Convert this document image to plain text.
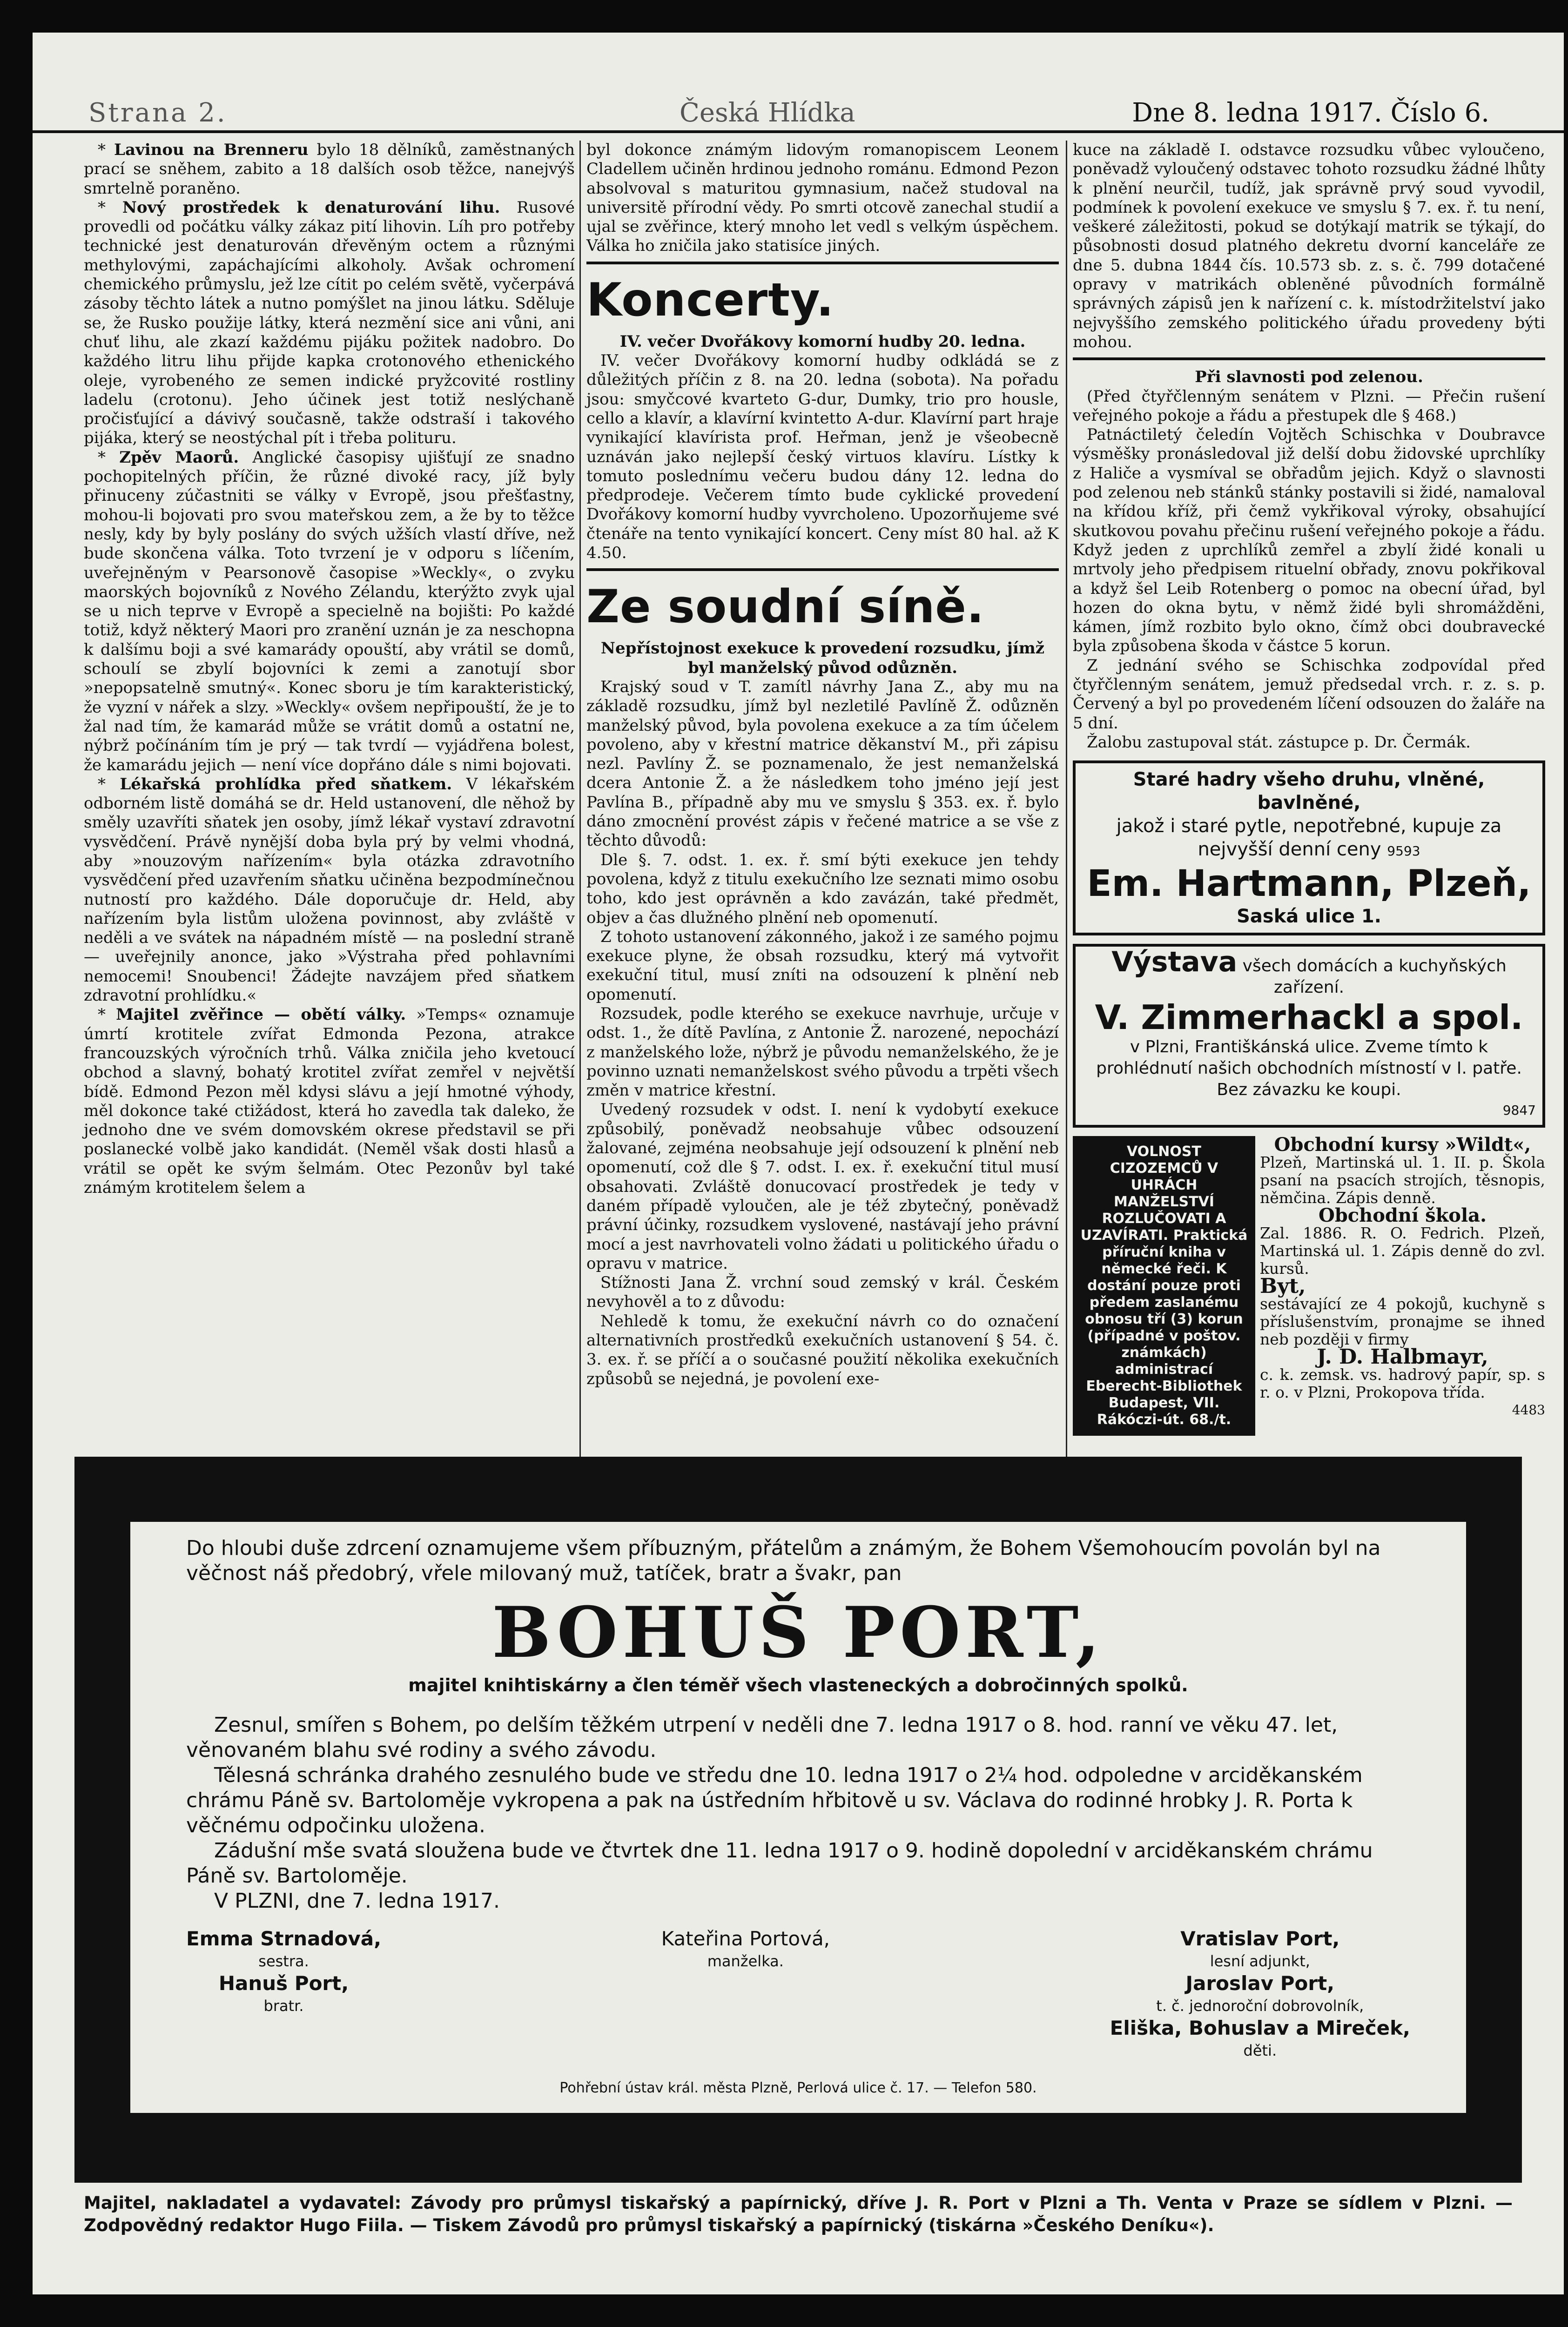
Strana 2.	Česká Hlídka	Dne 8. ledna 1917. Číslo 6.

* Lavinou na Brenneru bylo 18 dělníků, zaměstnaných prací se sněhem, zabito a 18 dalších osob těžce, nanejvýš smrtelně poraněno.

* Nový prostředek k denaturování lihu. Rusové provedli od počátku války zákaz pití lihovin. Líh pro potřeby technické jest denaturován dřevěným octem a různými methylovými, zapáchajícími alkoholy. Avšak ochromení chemického průmyslu, jež lze cítit po celém světě, vyčerpává zásoby těchto látek a nutno pomýšlet na jinou látku. Sděluje se, že Rusko použije látky, která nezmění sice ani vůni, ani chuť lihu, ale zkazí každému pijáku požitek nadobro. Do každého litru lihu přijde kapka crotonového ethenického oleje, vyrobeného ze semen indické pryžcovité rostliny ladelu (crotonu). Jeho účinek jest totiž neslýchaně pročisťující a dávivý současně, takže odstraší i takového pijáka, který se neostýchal pít i třeba polituru.

* Zpěv Maorů. Anglické časopisy ujišťují ze snadno pochopitelných příčin, že různé divoké racy, jíž byly přinuceny zúčastniti se války v Evropě, jsou přešťastny, mohou-li bojovati pro svou mateřskou zem, a že by to těžce nesly, kdy by byly poslány do svých užších vlastí dříve, než bude skončena válka. Toto tvrzení je v odporu s líčením, uveřejněným v Pearsonově časopise »Weckly«, o zvyku maorských bojovníků z Nového Zélandu, kterýžto zvyk ujal se u nich teprve v Evropě a specielně na bojišti: Po každé totiž, když některý Maori pro zranění uznán je za neschopna k dalšímu boji a své kamarády opouští, aby vrátil se domů, schoulí se zbylí bojovníci k zemi a zanotují sbor »nepopsatelně smutný«. Konec sboru je tím karakteristický, že vyzní v nářek a slzy. »Weckly« ovšem nepřipouští, že je to žal nad tím, že kamarád může se vrátit domů a ostatní ne, nýbrž počínáním tím je prý — tak tvrdí — vyjádřena bolest, že kamarádu jejich — není více dopřáno dále s nimi bojovati.

* Lékařská prohlídka před sňatkem. V lékařském odborném listě domáhá se dr. Held ustanovení, dle něhož by směly uzavříti sňatek jen osoby, jímž lékař vystaví zdravotní vysvědčení. Právě nynější doba byla prý by velmi vhodná, aby »nouzovým nařízením« byla otázka zdravotního vysvědčení před uzavřením sňatku učiněna bezpodmínečnou nutností pro každého. Dále doporučuje dr. Held, aby nařízením byla listům uložena povinnost, aby zvláště v neděli a ve svátek na nápadném místě — na poslední straně — uveřejnily anonce, jako »Výstraha před pohlavními nemocemi! Snoubenci! Žádejte navzájem před sňatkem zdravotní prohlídku.«

* Majitel zvěřince — obětí války. »Temps« oznamuje úmrtí krotitele zvířat Edmonda Pezona, atrakce francouzských výročních trhů. Válka zničila jeho kvetoucí obchod a slavný, bohatý krotitel zvířat zemřel v největší bídě. Edmond Pezon měl kdysi slávu a její hmotné výhody, měl dokonce také ctižádost, která ho zavedla tak daleko, že jednoho dne ve svém domovském okrese představil se při poslanecké volbě jako kandidát. (Neměl však dosti hlasů a vrátil se opět ke svým šelmám. Otec Pezonův byl také známým krotitelem šelem a

byl dokonce známým lidovým romanopiscem Leonem Cladellem učiněn hrdinou jednoho románu. Edmond Pezon absolvoval s maturitou gymnasium, načež studoval na universitě přírodní vědy. Po smrti otcově zanechal studií a ujal se zvěřince, který mnoho let vedl s velkým úspěchem. Válka ho zničila jako statisíce jiných.

Koncerty.

IV. večer Dvořákovy komorní hudby 20. ledna.

IV. večer Dvořákovy komorní hudby odkládá se z důležitých příčin z 8. na 20. ledna (sobota). Na pořadu jsou: smyčcové kvarteto G-dur, Dumky, trio pro housle, cello a klavír, a klavírní kvintetto A-dur. Klavírní part hraje vynikající klavírista prof. Heřman, jenž je všeobecně uznáván jako nejlepší český virtuos klavíru. Lístky k tomuto poslednímu večeru budou dány 12. ledna do předprodeje. Večerem tímto bude cyklické provedení Dvořákovy komorní hudby vyvrcholeno. Upozorňujeme své čtenáře na tento vynikající koncert. Ceny míst 80 hal. až K 4.50.

Ze soudní síně.

Nepřístojnost exekuce k provedení rozsudku, jímž byl manželský původ odůzněn.

Krajský soud v T. zamítl návrhy Jana Z., aby mu na základě rozsudku, jímž byl nezletilé Pavlíně Ž. odůzněn manželský původ, byla povolena exekuce a za tím účelem povoleno, aby v křestní matrice děkanství M., při zápisu nezl. Pavlíny Ž. se poznamenalo, že jest nemanželská dcera Antonie Ž. a že následkem toho jméno její jest Pavlína B., případně aby mu ve smyslu § 353. ex. ř. bylo dáno zmocnění provést zápis v řečené matrice a se vše z těchto důvodů:

Dle §. 7. odst. 1. ex. ř. smí býti exekuce jen tehdy povolena, když z titulu exekučního lze seznati mimo osobu toho, kdo jest oprávněn a kdo zavázán, také předmět, objev a čas dlužného plnění neb opomenutí.

Z tohoto ustanovení zákonného, jakož i ze samého pojmu exekuce plyne, že obsah rozsudku, který má vytvořit exekuční titul, musí zníti na odsouzení k plnění neb opomenutí.

Rozsudek, podle kterého se exekuce navrhuje, určuje v odst. 1., že dítě Pavlína, z Antonie Ž. narozené, nepochází z manželského lože, nýbrž je původu nemanželského, že je povinno uznati nemanželskost svého původu a trpěti všech změn v matrice křestní.

Uvedený rozsudek v odst. I. není k vydobytí exekuce způsobilý, poněvadž neobsahuje vůbec odsouzení žalované, zejména neobsahuje její odsouzení k plnění neb opomenutí, což dle § 7. odst. I. ex. ř. exekuční titul musí obsahovati. Zvláště donucovací prostředek je tedy v daném případě vyloučen, ale je též zbytečný, poněvadž právní účinky, rozsudkem vyslovené, nastávají jeho právní mocí a jest navrhovateli volno žádati u politického úřadu o opravu v matrice.

Stížnosti Jana Ž. vrchní soud zemský v král. Českém nevyhověl a to z důvodu:

Nehledě k tomu, že exekuční návrh co do označení alternativních prostředků exekučních ustanovení § 54. č. 3. ex. ř. se příčí a o současné použití několika exekučních způsobů se nejedná, je povolení exe-

kuce na základě I. odstavce rozsudku vůbec vyloučeno, poněvadž vyloučený odstavec tohoto rozsudku žádné lhůty k plnění neurčil, tudíž, jak správně prvý soud vyvodil, podmínek k povolení exekuce ve smyslu § 7. ex. ř. tu není, veškeré záležitosti, pokud se dotýkají matrik se týkají, do působnosti dosud platného dekretu dvorní kanceláře ze dne 5. dubna 1844 čís. 10.573 sb. z. s. č. 799 dotačené opravy v matrikách obleněné původních formálně správných zápisů jen k nařízení c. k. místodržitelství jako nejvyššího zemského politického úřadu provedeny býti mohou.

Při slavnosti pod zelenou.

(Před čtyřčlenným senátem v Plzni. — Přečin rušení veřejného pokoje a řádu a přestupek dle § 468.)

Patnáctiletý čeledín Vojtěch Schischka v Doubravce výsměšky pronásledoval již delší dobu židovské uprchlíky z Haliče a vysmíval se obřadům jejich. Když o slavnosti pod zelenou neb stánků stánky postavili si židé, namaloval na křídou kříž, při čemž vykřikoval výroky, obsahující skutkovou povahu přečinu rušení veřejného pokoje a řádu. Když jeden z uprchlíků zemřel a zbylí židé konali u mrtvoly jeho předpisem rituelní obřady, znovu pokřikoval a když šel Leib Rotenberg o pomoc na obecní úřad, byl hozen do okna bytu, v němž židé byli shromážděni, kámen, jímž rozbito bylo okno, čímž obci doubravecké byla způsobena škoda v částce 5 korun.

Z jednání svého se Schischka zodpovídal před čtyřčlenným senátem, jemuž předsedal vrch. r. z. s. p. Červený a byl po provedeném líčení odsouzen do žaláře na 5 dní.

Žalobu zastupoval stát. zástupce p. Dr. Čermák.

Staré hadry všeho druhu, vlněné, bavlněné,
jakož i staré pytle, nepotřebné, kupuje za
nejvyšší denní ceny 9593
Em. Hartmann, Plzeň,
Saská ulice 1.
Výstava všech domácích a kuchyňských zařízení.
V. Zimmerhackl a spol.
v Plzni, Františkánská ulice. Zveme tímto k prohlédnutí našich obchodních místností v I. patře. Bez závazku ke koupi.
9847
VOLNOST CIZOZEMCŮ V UHRÁCH MANŽELSTVÍ ROZLUČOVATI A UZAVÍRATI. Praktická příruční kniha v německé řeči. K dostání pouze proti předem zaslanému obnosu tří (3) korun (případné v poštov. známkách) administrací Eberecht-Bibliothek Budapest, VII. Rákóczi-út. 68./t.
Obchodní kursy »Wildt«,
Plzeň, Martinská ul. 1. II. p. Škola psaní na psacích strojích, těsnopis, němčina. Zápis denně.
Obchodní škola.
Zal. 1886. R. O. Fedrich. Plzeň, Martinská ul. 1. Zápis denně do zvl. kursů.
Byt,
sestávající ze 4 pokojů, kuchyně s příslušenstvím, pronajme se ihned neb později v firmy
J. D. Halbmayr,
c. k. zemsk. vs. hadrový papír, sp. s r. o. v Plzni, Prokopova třída.
4483

Do hloubi duše zdrcení oznamujeme všem příbuzným, přátelům a známým, že Bohem Všemohoucím povolán byl na věčnost náš předobrý, vřele milovaný muž, tatíček, bratr a švakr, pan

BOHUŠ PORT,

majitel knihtiskárny a člen téměř všech vlasteneckých a dobročinných spolků.

Zesnul, smířen s Bohem, po delším těžkém utrpení v neděli dne 7. ledna 1917 o 8. hod. ranní ve věku 47. let, věnovaném blahu své rodiny a svého závodu.

Tělesná schránka drahého zesnulého bude ve středu dne 10. ledna 1917 o 2¼ hod. odpoledne v arciděkanském chrámu Páně sv. Bartoloměje vykropena a pak na ústředním hřbitově u sv. Václava do rodinné hrobky J. R. Porta k věčnému odpočinku uložena.

Zádušní mše svatá sloužena bude ve čtvrtek dne 11. ledna 1917 o 9. hodině dopolední v arciděkanském chrámu Páně sv. Bartoloměje.

V PLZNI, dne 7. ledna 1917.

Emma Strnadová,
sestra.
Hanuš Port,
bratr.
Kateřina Portová,
manželka.
Vratislav Port,
lesní adjunkt,
Jaroslav Port,
t. č. jednoroční dobrovolník,
Eliška, Bohuslav a Mireček,
děti.

Pohřební ústav král. města Plzně, Perlová ulice č. 17. — Telefon 580.

Majitel, nakladatel a vydavatel: Závody pro průmysl tiskařský a papírnický, dříve J. R. Port v Plzni a Th. Venta v Praze se sídlem v Plzni. — Zodpovědný redaktor Hugo Fiila. — Tiskem Závodů pro průmysl tiskařský a papírnický (tiskárna »Českého Deníku«).
